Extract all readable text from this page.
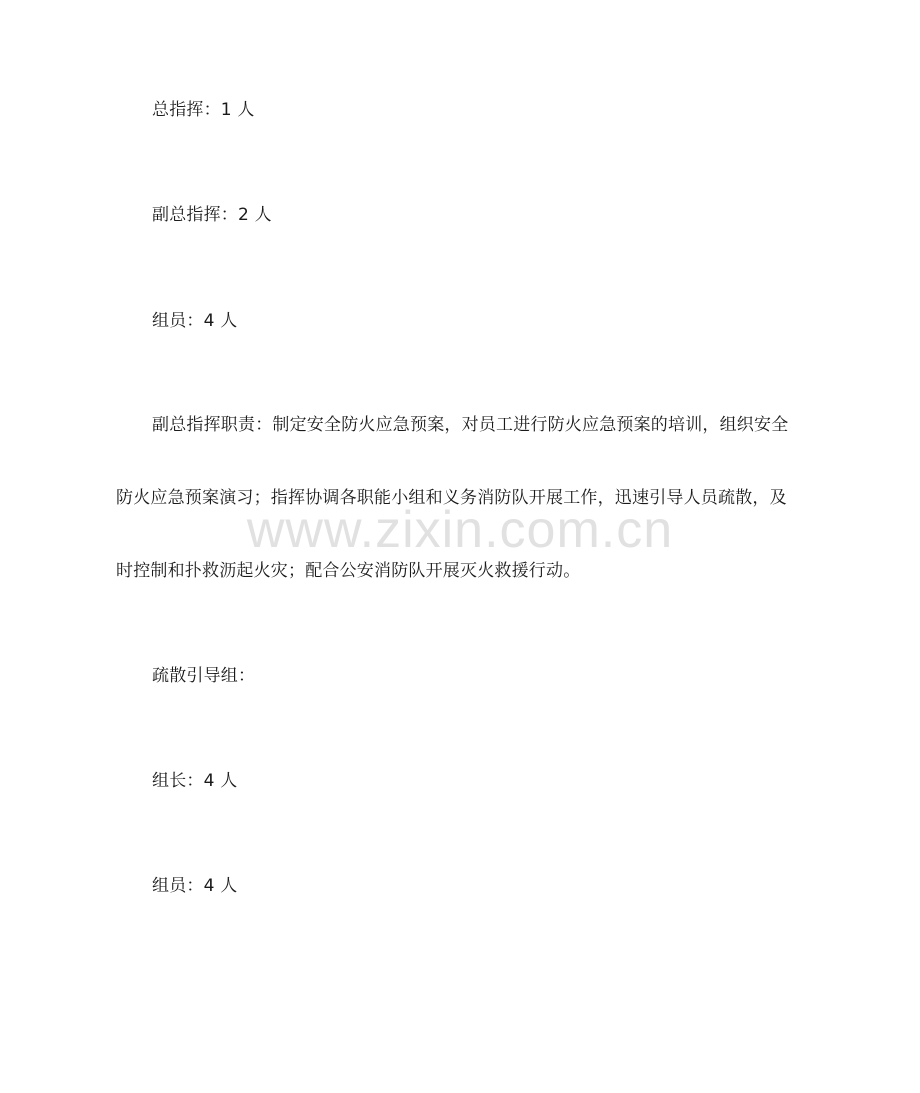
总指挥：1 人
副总指挥：2 人
组员：4 人
副总指挥职责：制定安全防火应急预案，对员工进行防火应急预案的培训，组织安全
防火应急预案演习；指挥协调各职能小组和义务消防队开展工作，迅速引导人员疏散，及
时控制和扑救沥起火灾；配合公安消防队开展灭火救援行动。
疏散引导组：
组长：4 人
组员：4 人
www.zixin.com.cn
